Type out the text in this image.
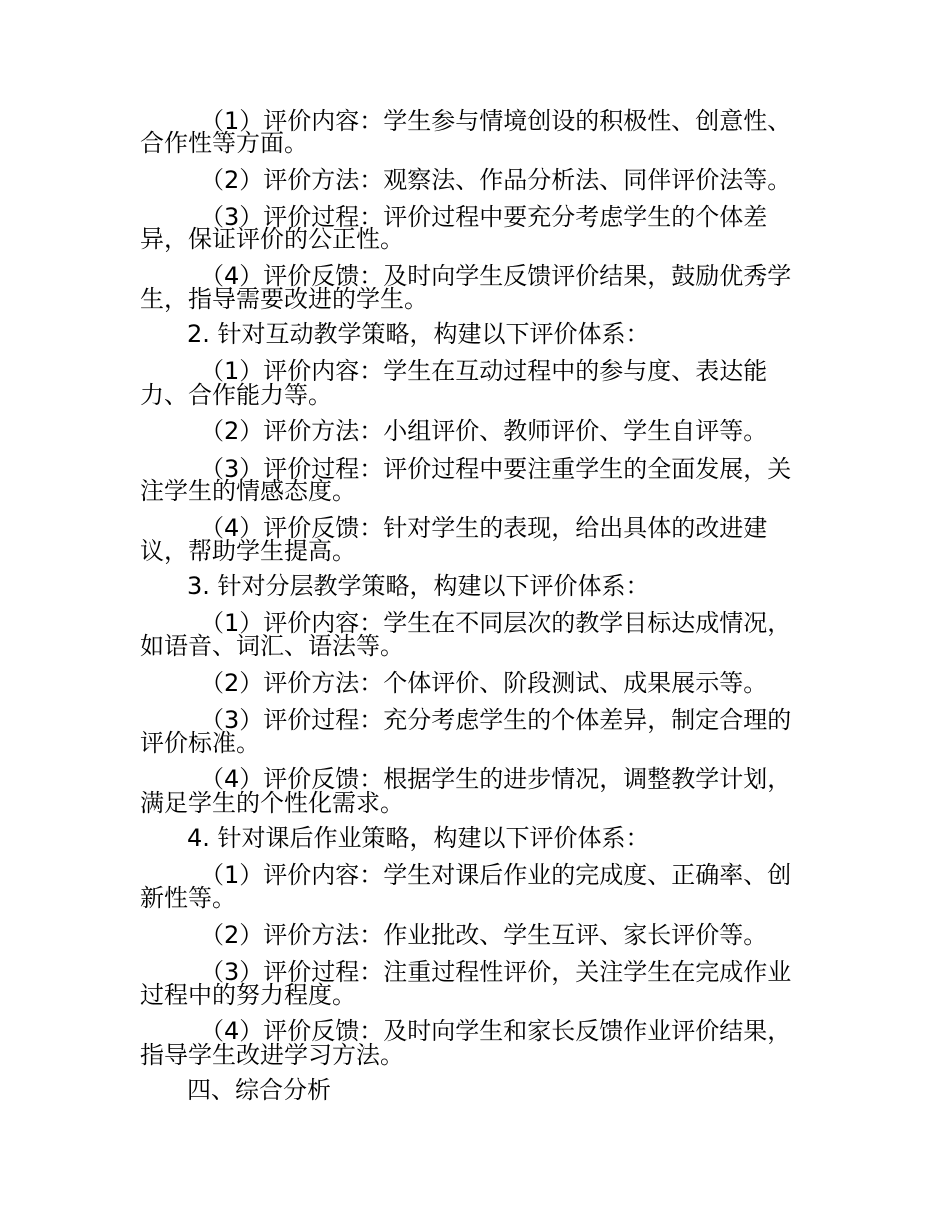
（1）评价内容：学生参与情境创设的积极性、创意性、

合作性等方面。

（2）评价方法：观察法、作品分析法、同伴评价法等。

（3）评价过程：评价过程中要充分考虑学生的个体差

异，保证评价的公正性。

（4）评价反馈：及时向学生反馈评价结果，鼓励优秀学

生，指导需要改进的学生。

2. 针对互动教学策略，构建以下评价体系：

（1）评价内容：学生在互动过程中的参与度、表达能

力、合作能力等。

（2）评价方法：小组评价、教师评价、学生自评等。

（3）评价过程：评价过程中要注重学生的全面发展，关

注学生的情感态度。

（4）评价反馈：针对学生的表现，给出具体的改进建

议，帮助学生提高。

3. 针对分层教学策略，构建以下评价体系：

（1）评价内容：学生在不同层次的教学目标达成情况，

如语音、词汇、语法等。

（2）评价方法：个体评价、阶段测试、成果展示等。

（3）评价过程：充分考虑学生的个体差异，制定合理的

评价标准。

（4）评价反馈：根据学生的进步情况，调整教学计划，

满足学生的个性化需求。

4. 针对课后作业策略，构建以下评价体系：

（1）评价内容：学生对课后作业的完成度、正确率、创

新性等。

（2）评价方法：作业批改、学生互评、家长评价等。

（3）评价过程：注重过程性评价，关注学生在完成作业

过程中的努力程度。

（4）评价反馈：及时向学生和家长反馈作业评价结果，

指导学生改进学习方法。

四、综合分析
